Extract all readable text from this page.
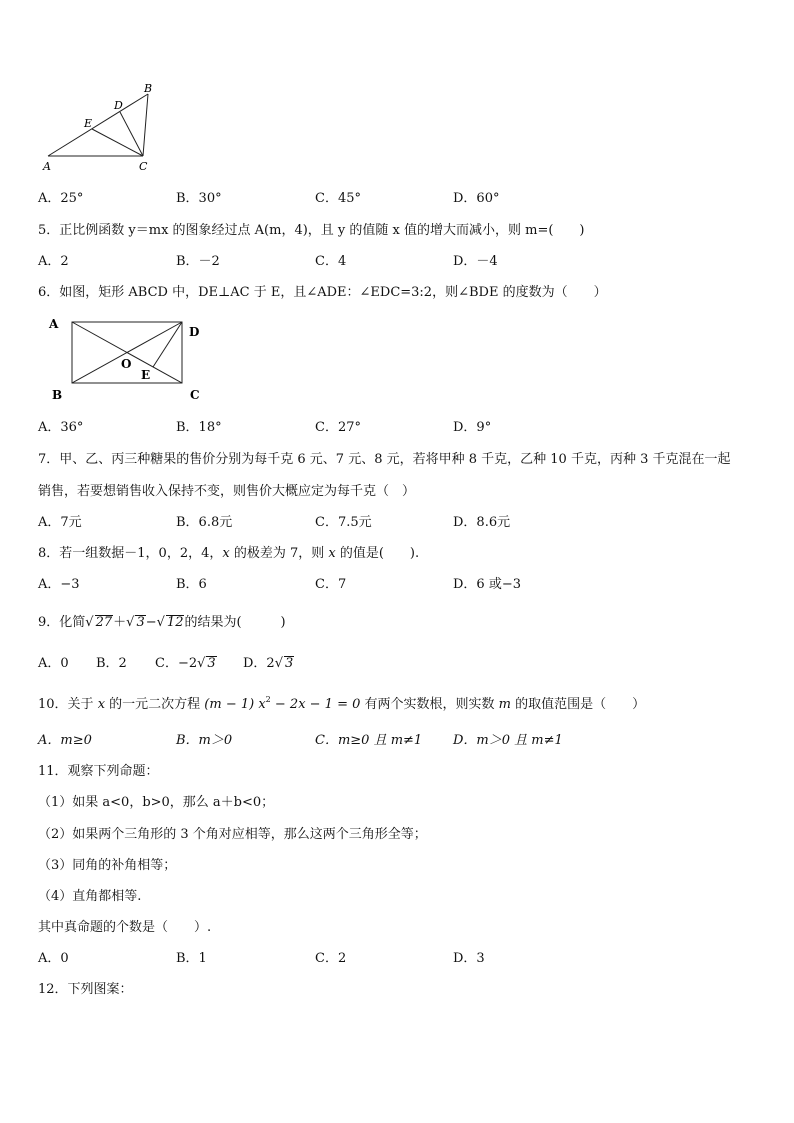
A
B
C
D
E
A．25°	B．30°	C．45°	D．60°
5．正比例函数 y＝mx 的图象经过点 A(m，4)，且 y 的值随 x 值的增大而减小，则 m=(　　)
A．2	B．－2	C．4	D．－4
6．如图，矩形 ABCD 中，DE⊥AC 于 E，且∠ADE：∠EDC=3:2，则∠BDE 的度数为（　　）
A
B	C
D
O
E
A．36°	B．18°	C．27°	D．9°
7．甲、乙、丙三种糖果的售价分别为每千克 6 元、7 元、8 元，若将甲种 8 千克，乙种 10 千克，丙种 3 千克混在一起
销售，若要想销售收入保持不变，则售价大概应定为每千克（　）
A．7元	B．6.8元	C．7.5元	D．8.6元
8．若一组数据－1，0，2，4，x 的极差为 7，则 x 的值是(　　).
A．−3	B．6	C．7	D．6 或−3
9．化简√ 27＋√ 3−√ 12的结果为(　　　)
A．0 B．2 C．−2√ 3 D．2√ 3
10．关于 x 的一元二次方程 (m − 1) $x^2 - 2x - 1 = 0$ 有两个实数根，则实数 m 的取值范围是（　　）
A．m≥0	B．m＞0	C．m≥0 且 m≠1 D．m＞0 且 m≠1
11．观察下列命题：
（1）如果 a<0，b>0，那么 a＋b<0；
（2）如果两个三角形的 3 个角对应相等，那么这两个三角形全等；
（3）同角的补角相等；
（4）直角都相等.
其中真命题的个数是（　　）.
A．0	B．1	C．2	D．3
12．下列图案：
